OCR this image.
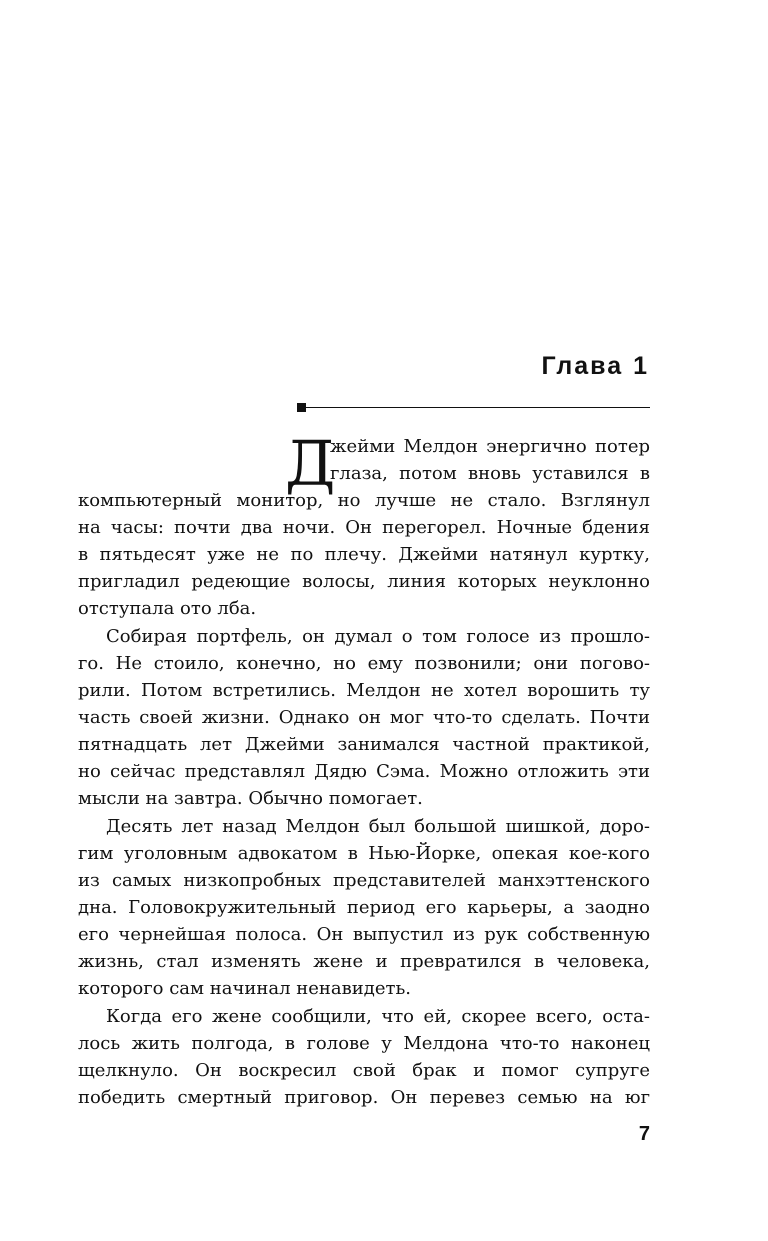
Глава 1
Д
жейми Мелдон энергично потер
глаза, потом вновь уставился в
компьютерный монитор, но лучше не стало. Взглянул
на часы: почти два ночи. Он перегорел. Ночные бдения
в пятьдесят уже не по плечу. Джейми натянул куртку,
пригладил редеющие волосы, линия которых неуклонно
отступала ото лба.
Собирая портфель, он думал о том голосе из прошло-
го. Не стоило, конечно, но ему позвонили; они погово-
рили. Потом встретились. Мелдон не хотел ворошить ту
часть своей жизни. Однако он мог что-то сделать. Почти
пятнадцать лет Джейми занимался частной практикой,
но сейчас представлял Дядю Сэма. Можно отложить эти
мысли на завтра. Обычно помогает.
Десять лет назад Мелдон был большой шишкой, доро-
гим уголовным адвокатом в Нью-Йорке, опекая кое-кого
из самых низкопробных представителей манхэттенского
дна. Головокружительный период его карьеры, а заодно
его чернейшая полоса. Он выпустил из рук собственную
жизнь, стал изменять жене и превратился в человека,
которого сам начинал ненавидеть.
Когда его жене сообщили, что ей, скорее всего, оста-
лось жить полгода, в голове у Мелдона что-то наконец
щелкнуло. Он воскресил свой брак и помог супруге
победить смертный приговор. Он перевез семью на юг
7
